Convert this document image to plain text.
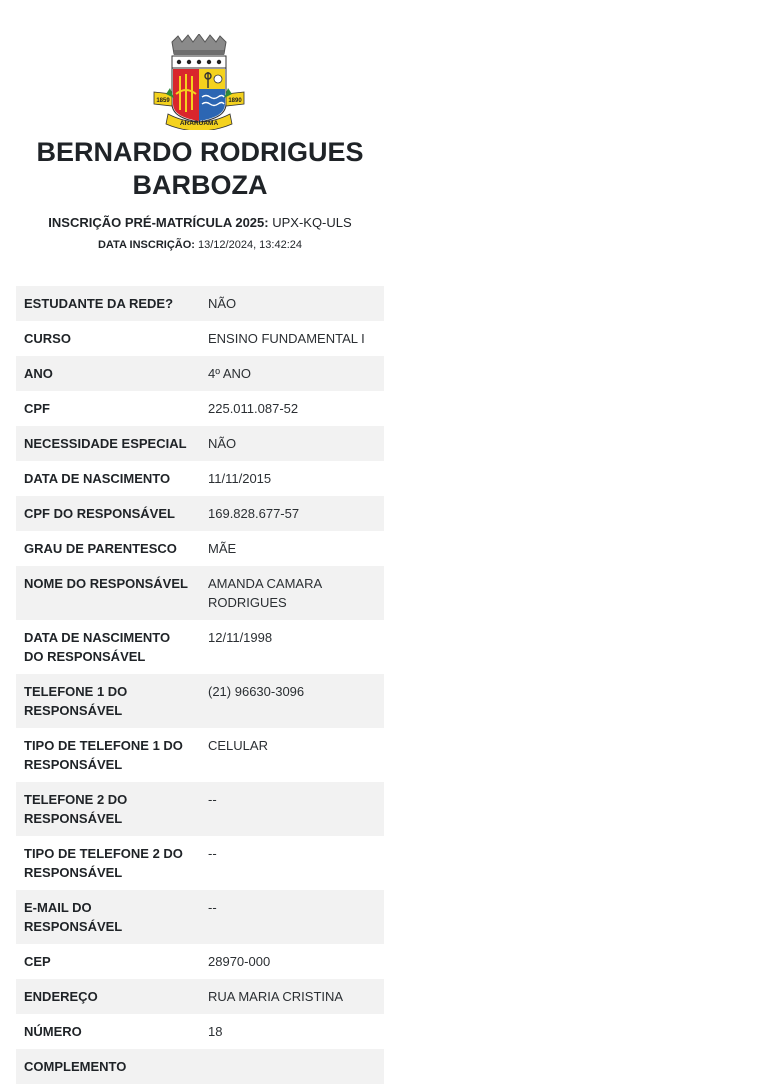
1859	1890
ARARUAMA
BERNARDO RODRIGUES BARBOZA
INSCRIÇÃO PRÉ-MATRÍCULA 2025: UPX-KQ-ULS
DATA INSCRIÇÃO: 13/12/2024, 13:42:24
ESTUDANTE DA REDE?	NÃO
CURSO	ENSINO FUNDAMENTAL I
ANO	4º ANO
CPF	225.011.087-52
NECESSIDADE ESPECIAL	NÃO
DATA DE NASCIMENTO	11/11/2015
CPF DO RESPONSÁVEL	169.828.677-57
GRAU DE PARENTESCO	MÃE
NOME DO RESPONSÁVEL	AMANDA CAMARA RODRIGUES
DATA DE NASCIMENTO DO RESPONSÁVEL	12/11/1998
TELEFONE 1 DO RESPONSÁVEL	(21) 96630-3096
TIPO DE TELEFONE 1 DO RESPONSÁVEL	CELULAR
TELEFONE 2 DO RESPONSÁVEL	--
TIPO DE TELEFONE 2 DO RESPONSÁVEL	--
E-MAIL DO RESPONSÁVEL	--
CEP	28970-000
ENDEREÇO	RUA MARIA CRISTINA
NÚMERO	18
COMPLEMENTO	
